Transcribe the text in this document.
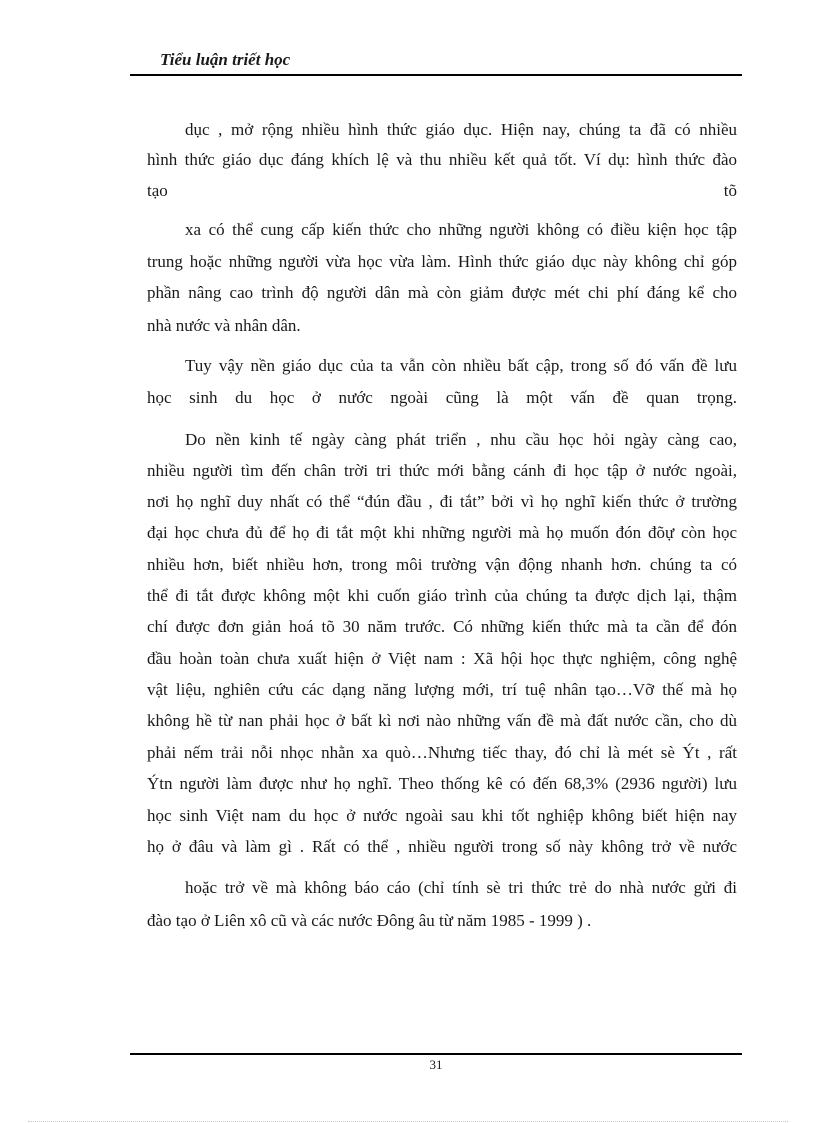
Tiểu luận triết học
dục , mở rộng nhiều hình thức giáo dục. Hiện nay, chúng ta đã có nhiều
hình thức giáo dục đáng khích lệ và thu nhiều kết quả tốt. Ví dụ: hình thức đào
tạo	tõ
xa có thể cung cấp kiến thức cho những người không có điều kiện học tập
trung hoặc những người vừa học vừa làm. Hình thức giáo dục này không chỉ góp
phần nâng cao trình độ người dân mà còn giảm được mét chi phí đáng kể cho
nhà nước và nhân dân.
Tuy vậy nền giáo dục của ta vẫn còn nhiều bất cập, trong số đó vấn đề lưu
học sinh du học ở nước ngoài cũng là một vấn đề quan trọng.
Do nền kinh tế ngày càng phát triển , nhu cầu học hỏi ngày càng cao,
nhiều người tìm đến chân trời tri thức mới bằng cánh đi học tập ở nước ngoài,
nơi họ nghĩ duy nhất có thể “đún đầu , đi tắt” bởi vì họ nghĩ kiến thức ở trường
đại học chưa đủ để họ đi tắt một khi những người mà họ muốn đón đõự còn học
nhiều hơn, biết nhiều hơn, trong môi trường vận động nhanh hơn. chúng ta có
thể đi tắt được không một khi cuốn giáo trình của chúng ta được dịch lại, thậm
chí được đơn giản hoá tõ 30 năm trước. Có những kiến thức mà ta cần để đón
đầu hoàn toàn chưa xuất hiện ở Việt nam : Xã hội học thực nghiệm, công nghệ
vật liệu, nghiên cứu các dạng năng lượng mới, trí tuệ nhân tạo…Vỡ thế mà họ
không hề từ nan phải học ở bất kì nơi nào những vấn đề mà đất nước cần, cho dù
phải nếm trải nỗi nhọc nhằn xa quò…Nhưng tiếc thay, đó chỉ là mét sè Ýt , rất
Ýtn người làm được như họ nghĩ. Theo thống kê có đến 68,3% (2936 người) lưu
học sinh Việt nam du học ở nước ngoài sau khi tốt nghiệp không biết hiện nay
họ ở đâu và làm gì . Rất có thể , nhiều người trong số này không trở về nước
hoặc trở về mà không báo cáo (chỉ tính sè tri thức trẻ do nhà nước gửi đi
đào tạo ở Liên xô cũ và các nước Đông âu từ năm 1985 - 1999 ) .
31
